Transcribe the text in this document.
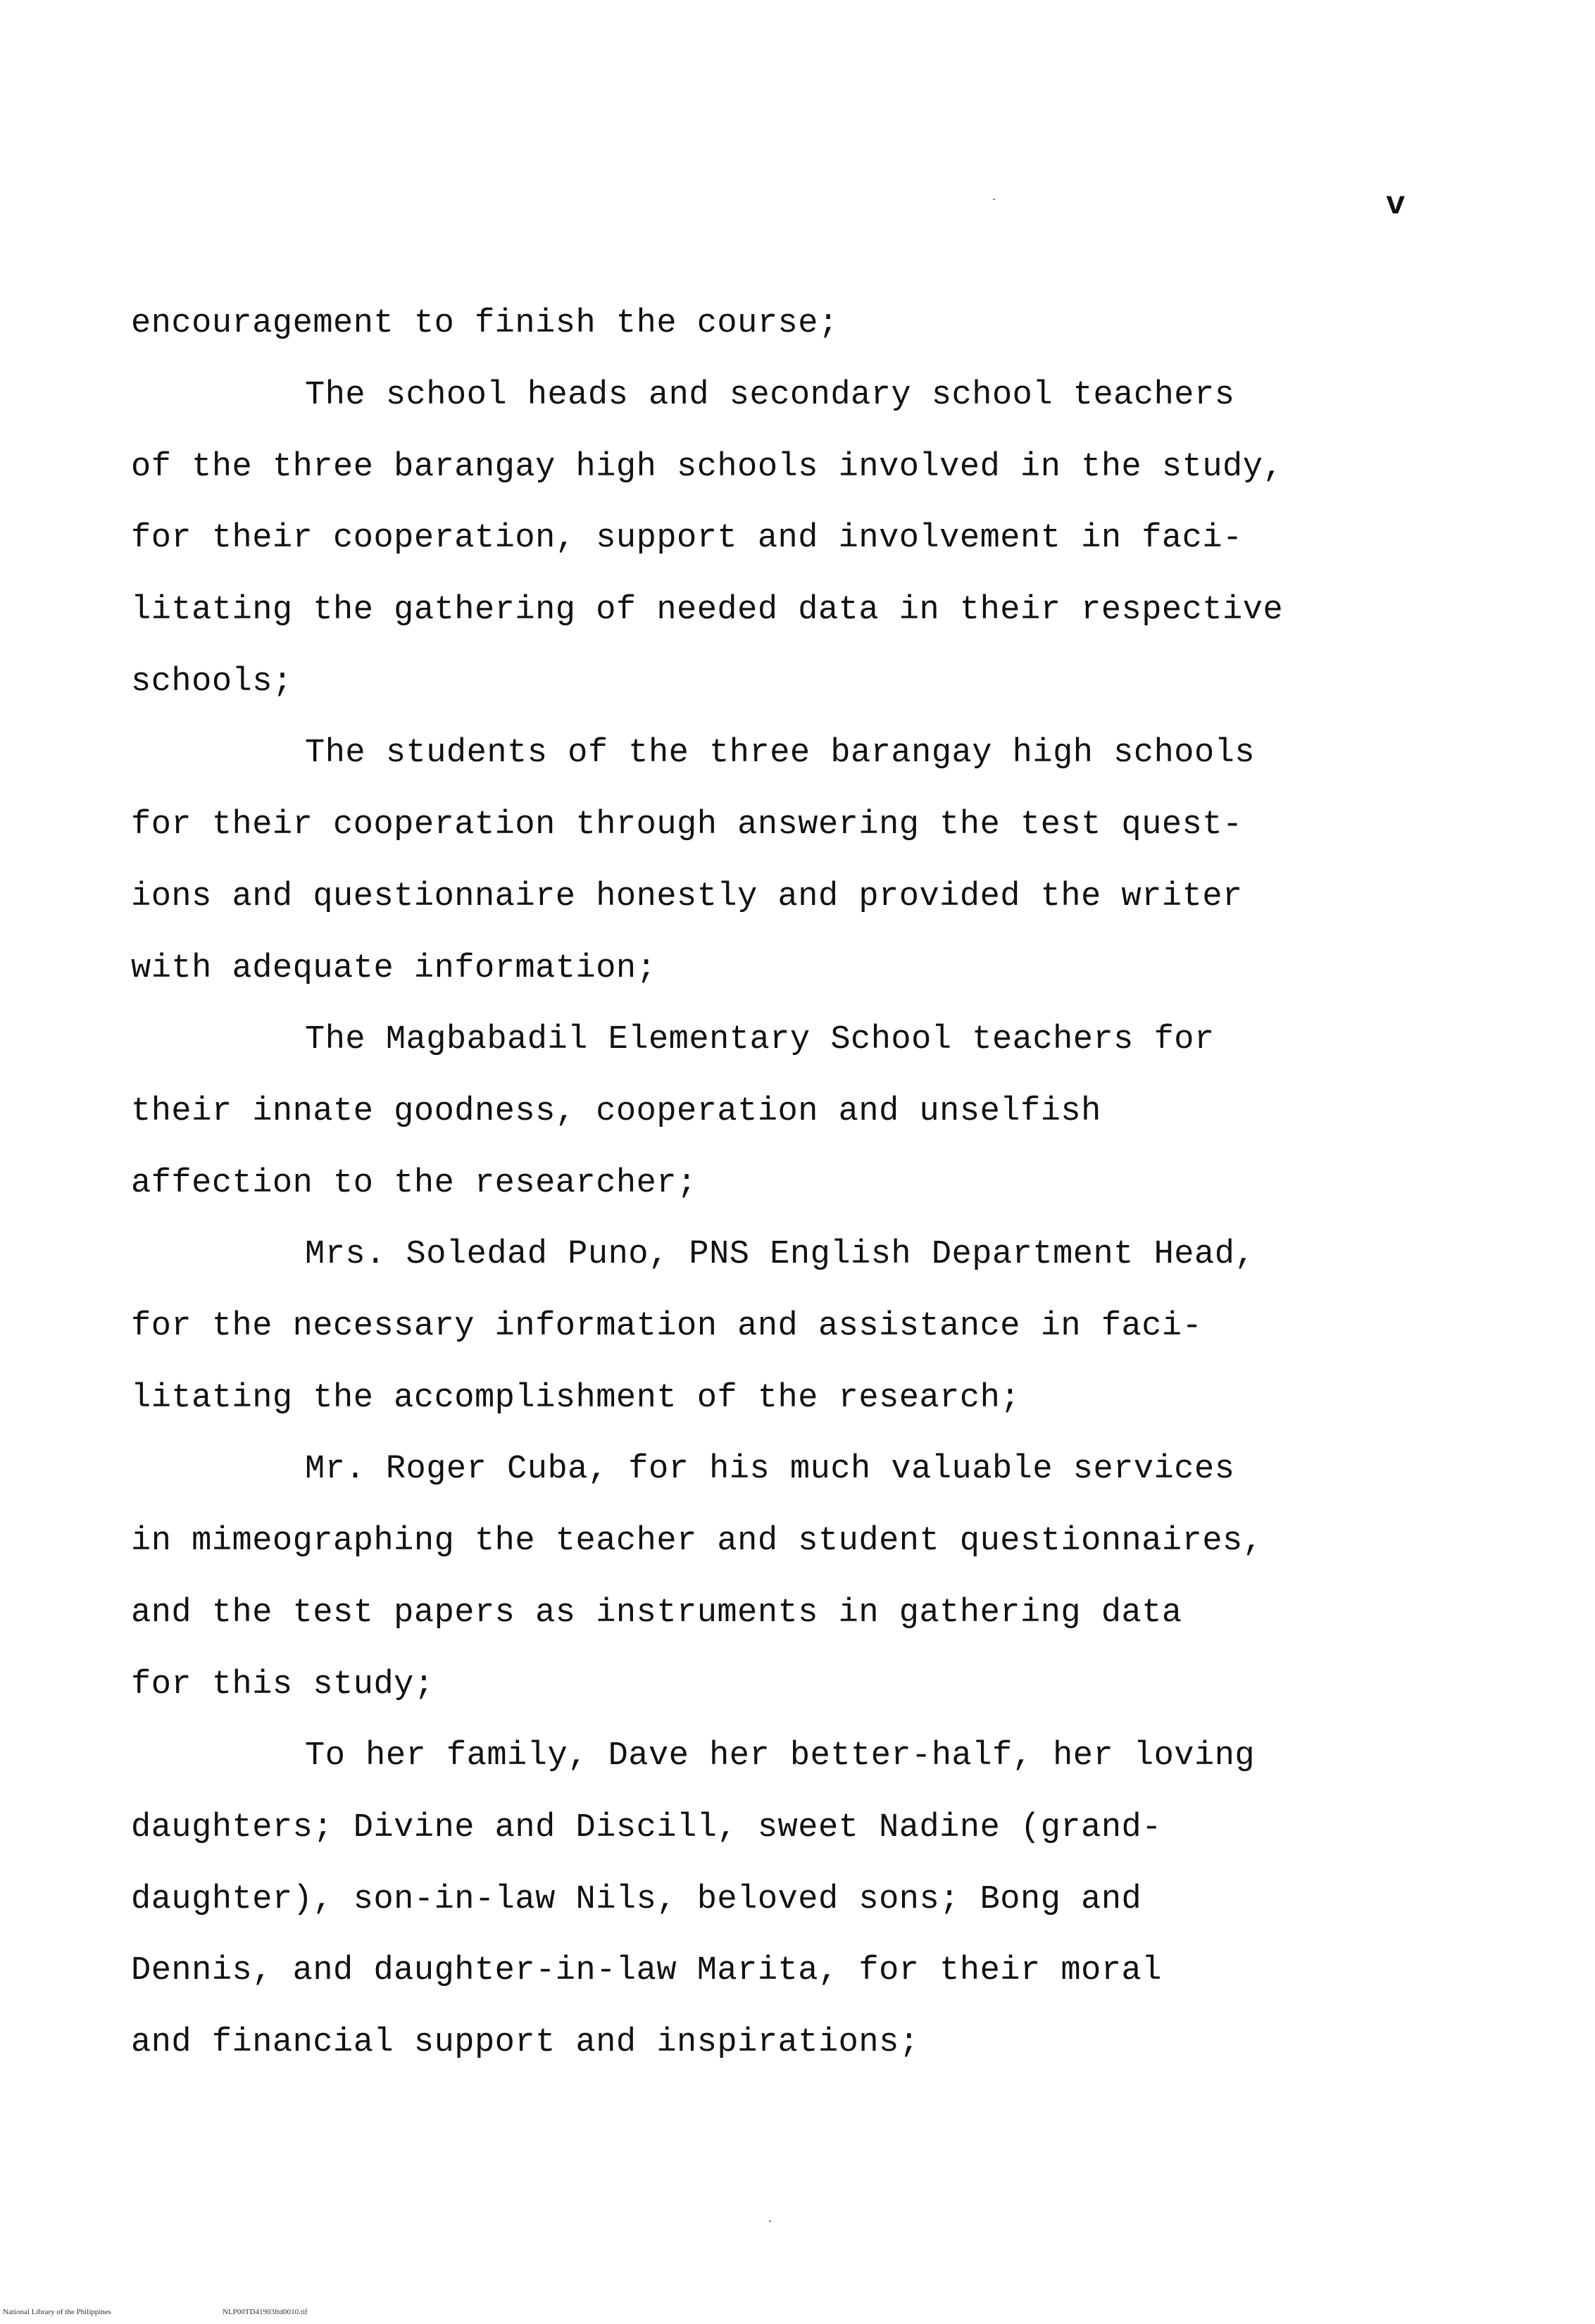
v
encouragement to finish the course;
The school heads and secondary school teachers
of the three barangay high schools involved in the study,
for their cooperation, support and involvement in faci-
litating the gathering of needed data in their respective
schools;
The students of the three barangay high schools
for their cooperation through answering the test quest-
ions and questionnaire honestly and provided the writer
with adequate information;
The Magbabadil Elementary School teachers for
their innate goodness, cooperation and unselfish
affection to the researcher;
Mrs. Soledad Puno, PNS English Department Head,
for the necessary information and assistance in faci-
litating the accomplishment of the research;
Mr. Roger Cuba, for his much valuable services
in mimeographing the teacher and student questionnaires,
and the test papers as instruments in gathering data
for this study;
To her family, Dave her better-half, her loving
daughters; Divine and Discill, sweet Nadine (grand-
daughter), son-in-law Nils, beloved sons; Bong and
Dennis, and daughter-in-law Marita, for their moral
and financial support and inspirations;
National Library of the Philippines	NLP00TD41903ftd0010.tif
